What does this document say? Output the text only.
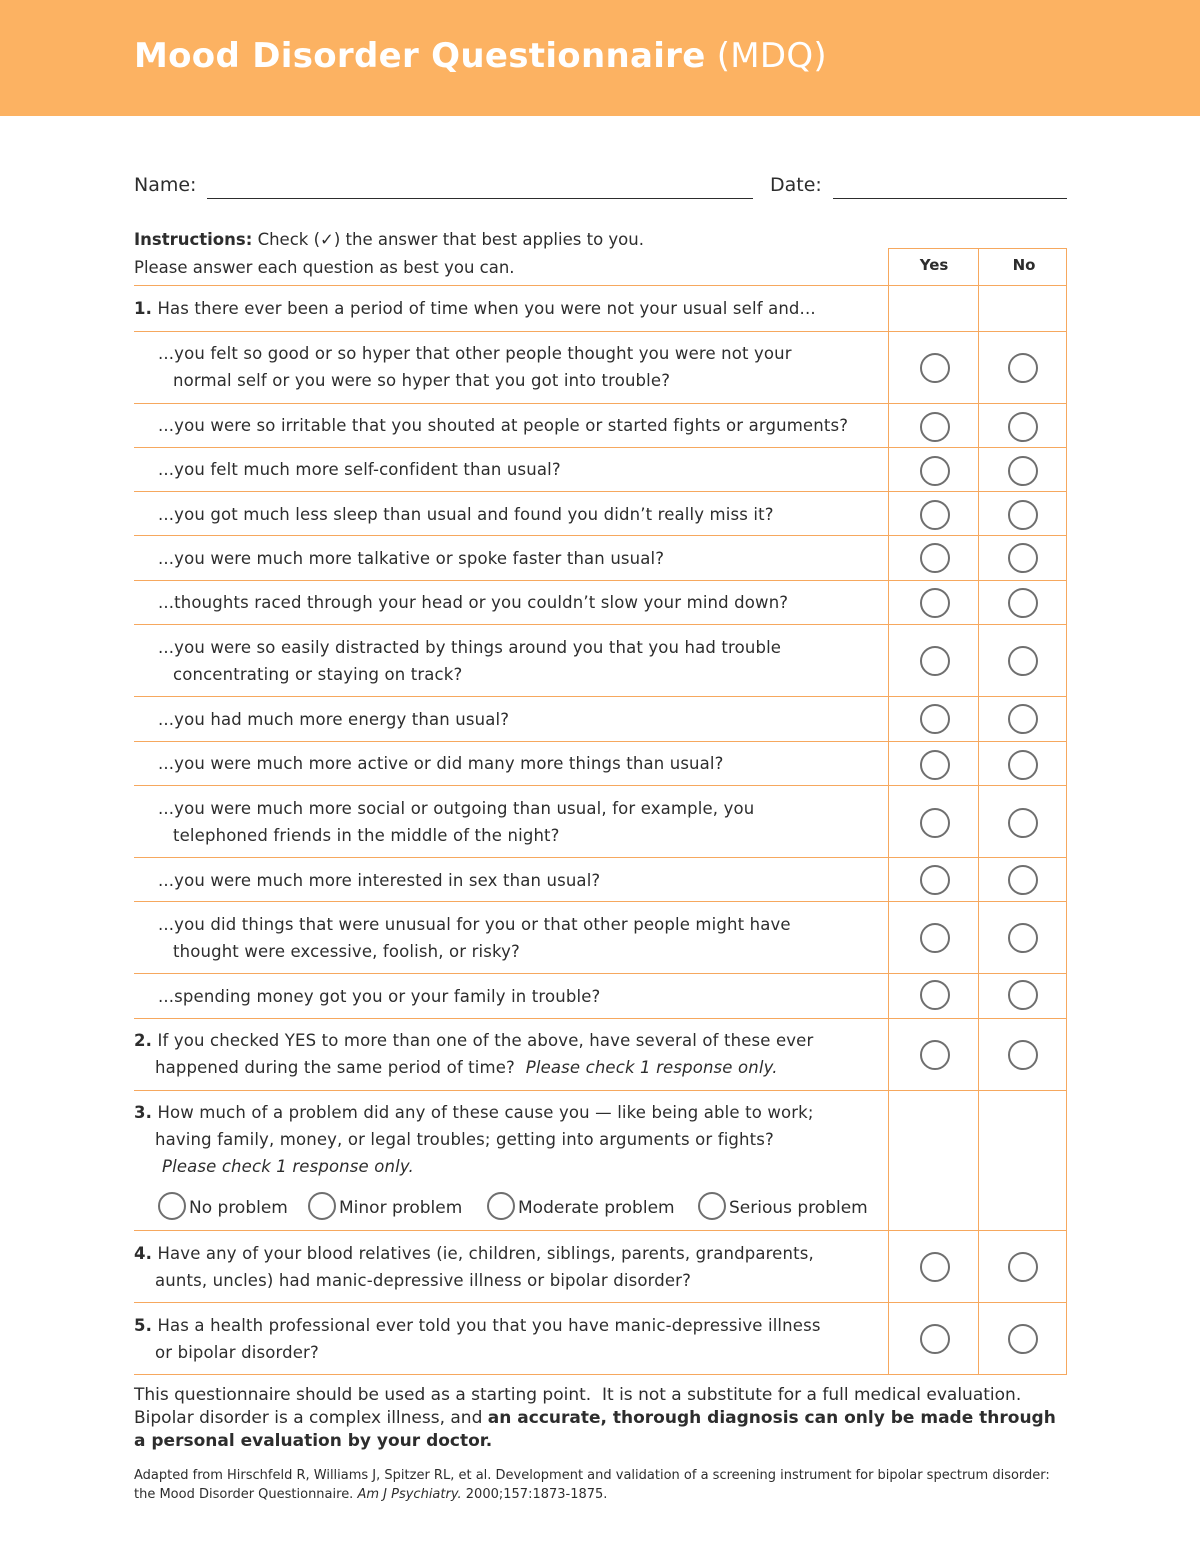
Mood Disorder Questionnaire (MDQ)
Name:	Date:
Instructions: Check (✓) the answer that best applies to you.
Please answer each question as best you can.	Yes	No
1. Has there ever been a period of time when you were not your usual self and...
...you felt so good or so hyper that other people thought you were not your
normal self or you were so hyper that you got into trouble?
...you were so irritable that you shouted at people or started fights or arguments?
...you felt much more self-confident than usual?
...you got much less sleep than usual and found you didn’t really miss it?
...you were much more talkative or spoke faster than usual?
...thoughts raced through your head or you couldn’t slow your mind down?
...you were so easily distracted by things around you that you had trouble
concentrating or staying on track?
...you had much more energy than usual?
...you were much more active or did many more things than usual?
...you were much more social or outgoing than usual, for example, you
telephoned friends in the middle of the night?
...you were much more interested in sex than usual?
...you did things that were unusual for you or that other people might have
thought were excessive, foolish, or risky?
...spending money got you or your family in trouble?
2. If you checked YES to more than one of the above, have several of these ever
happened during the same period of time? Please check 1 response only.
3. How much of a problem did any of these cause you — like being able to work;
having family, money, or legal troubles; getting into arguments or fights?
Please check 1 response only.
No problem	Minor problem	Moderate problem	Serious problem
4. Have any of your blood relatives (ie, children, siblings, parents, grandparents,
aunts, uncles) had manic-depressive illness or bipolar disorder?
5. Has a health professional ever told you that you have manic-depressive illness
or bipolar disorder?
This questionnaire should be used as a starting point.  It is not a substitute for a full medical evaluation.
Bipolar disorder is a complex illness, and an accurate, thorough diagnosis can only be made through
a personal evaluation by your doctor.
Adapted from Hirschfeld R, Williams J, Spitzer RL, et al. Development and validation of a screening instrument for bipolar spectrum disorder: the Mood Disorder Questionnaire. Am J Psychiatry. 2000;157:1873-1875.
